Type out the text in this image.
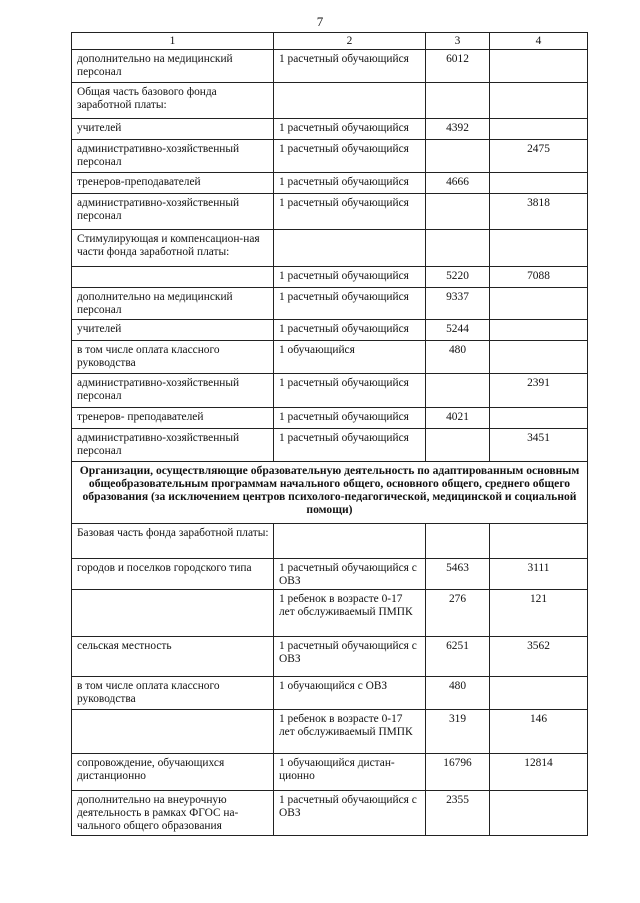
7
1	2	3	4
дополнительно на медицинский персонал	1 расчетный обучающийся	6012	
Общая часть базового фонда заработной платы:			
учителей	1 расчетный обучающийся	4392	
административно-хозяйственный персонал	1 расчетный обучающийся		2475
тренеров-преподавателей	1 расчетный обучающийся	4666	
административно-хозяйственный персонал	1 расчетный обучающийся		3818
Стимулирующая и компенсацион-ная части фонда заработной платы:			
	1 расчетный обучающийся	5220	7088
дополнительно на медицинский персонал	1 расчетный обучающийся	9337	
учителей	1 расчетный обучающийся	5244	
в том числе оплата классного руководства	1 обучающийся	480	
административно-хозяйственный персонал	1 расчетный обучающийся		2391
тренеров- преподавателей	1 расчетный обучающийся	4021	
административно-хозяйственный персонал	1 расчетный обучающийся		3451
Организации, осуществляющие образовательную деятельность по адаптированным основным общеобразовательным программам начального общего, основного общего, среднего общего образования (за исключением центров психолого-педагогической, медицинской и социальной помощи)			
Базовая часть фонда заработной платы:			
городов и поселков городского типа	1 расчетный обучающийся с ОВЗ	5463	3111
	1 ребенок в возрасте 0-17 лет обслуживаемый ПМПК	276	121
сельская местность	1 расчетный обучающийся с ОВЗ	6251	3562
в том числе оплата классного руководства	1 обучающийся с ОВЗ	480	
	1 ребенок в возрасте 0-17 лет обслуживаемый ПМПК	319	146
сопровождение, обучающихся дистанционно	1 обучающийся дистан-ционно	16796	12814
дополнительно на внеурочную деятельность в рамках ФГОС на-чального общего образования	1 расчетный обучающийся с ОВЗ	2355	
